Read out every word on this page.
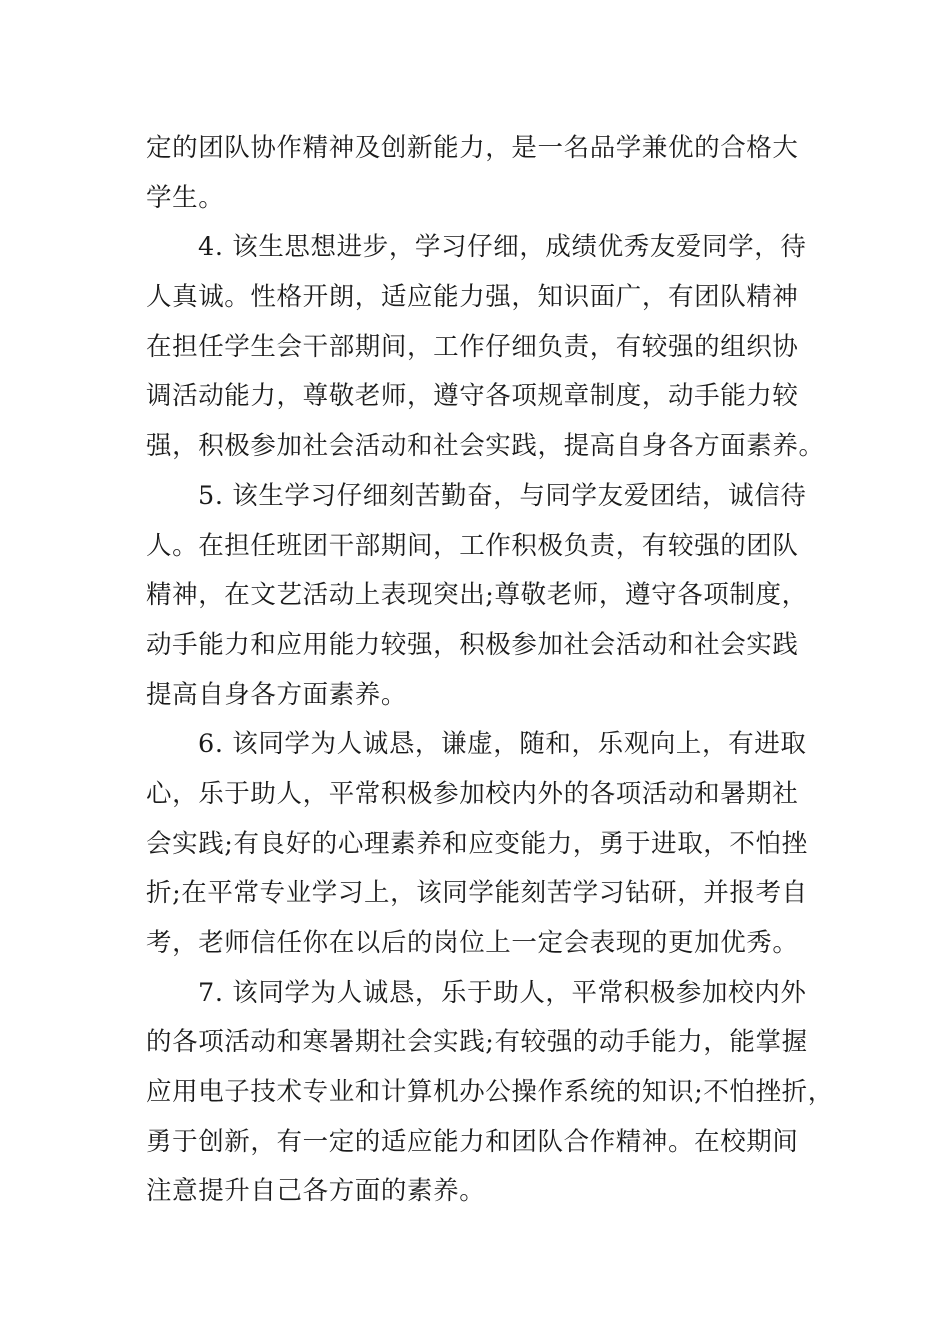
定的团队协作精神及创新能力，是一名品学兼优的合格大
学生。
4. 该生思想进步，学习仔细，成绩优秀友爱同学，待
人真诚。性格开朗，适应能力强，知识面广，有团队精神
在担任学生会干部期间，工作仔细负责，有较强的组织协
调活动能力，尊敬老师，遵守各项规章制度，动手能力较
强，积极参加社会活动和社会实践，提高自身各方面素养。
5. 该生学习仔细刻苦勤奋，与同学友爱团结，诚信待
人。在担任班团干部期间，工作积极负责，有较强的团队
精神，在文艺活动上表现突出;尊敬老师，遵守各项制度，
动手能力和应用能力较强，积极参加社会活动和社会实践
提高自身各方面素养。
6. 该同学为人诚恳，谦虚，随和，乐观向上，有进取
心，乐于助人，平常积极参加校内外的各项活动和暑期社
会实践;有良好的心理素养和应变能力，勇于进取，不怕挫
折;在平常专业学习上，该同学能刻苦学习钻研，并报考自
考，老师信任你在以后的岗位上一定会表现的更加优秀。
7. 该同学为人诚恳，乐于助人，平常积极参加校内外
的各项活动和寒暑期社会实践;有较强的动手能力，能掌握
应用电子技术专业和计算机办公操作系统的知识;不怕挫折，
勇于创新，有一定的适应能力和团队合作精神。在校期间
注意提升自己各方面的素养。
